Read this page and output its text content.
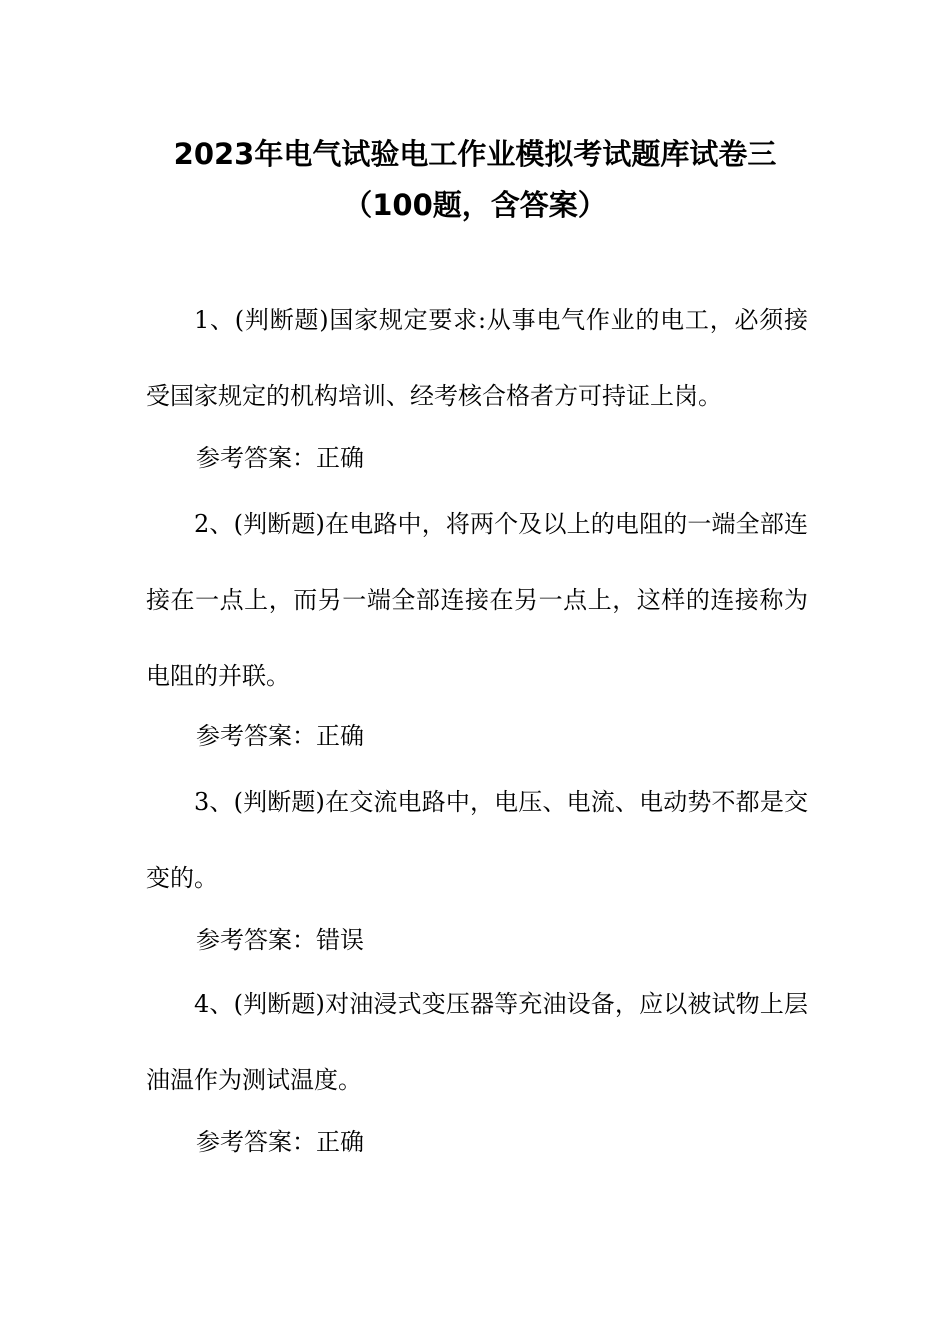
2023年电气试验电工作业模拟考试题库试卷三
（100题，含答案）

1、(判断题)国家规定要求:从事电气作业的电工，必须接受国家规定的机构培训、经考核合格者方可持证上岗。

参考答案：正确

2、(判断题)在电路中，将两个及以上的电阻的一端全部连接在一点上，而另一端全部连接在另一点上，这样的连接称为电阻的并联。

参考答案：正确

3、(判断题)在交流电路中，电压、电流、电动势不都是交变的。

参考答案：错误

4、(判断题)对油浸式变压器等充油设备，应以被试物上层油温作为测试温度。

参考答案：正确
